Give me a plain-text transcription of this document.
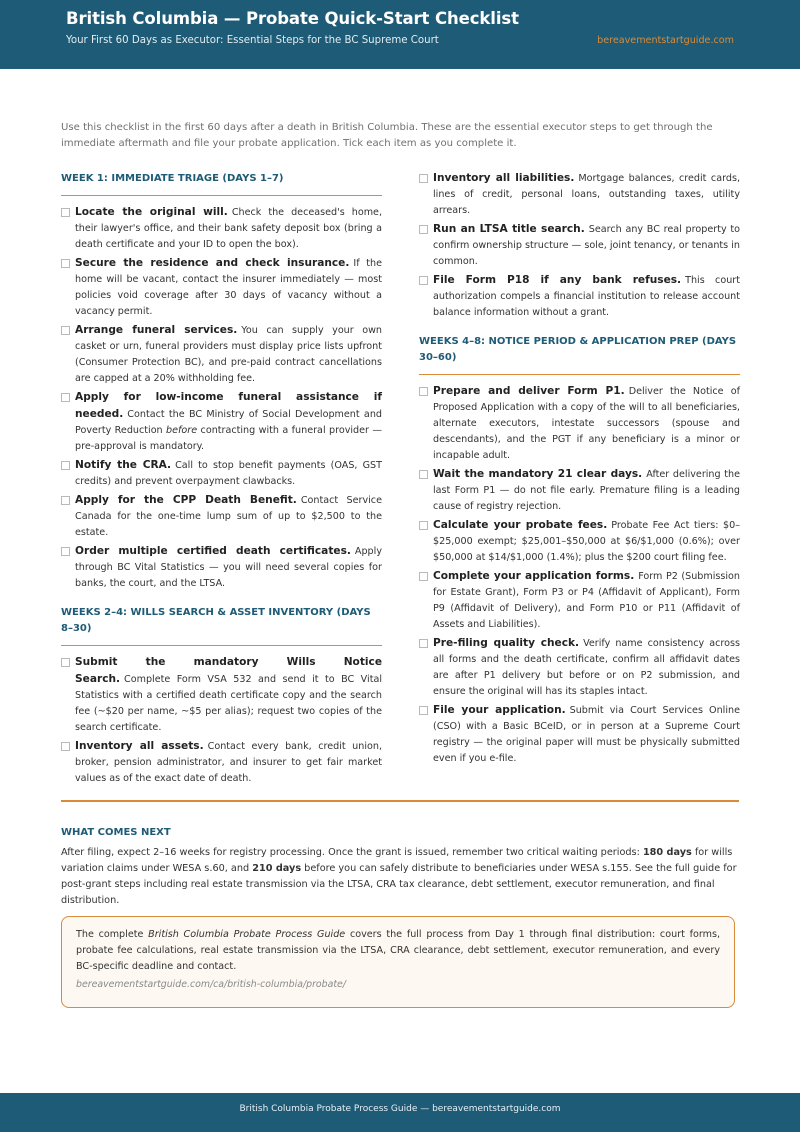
British Columbia — Probate Quick-Start Checklist
Your First 60 Days as Executor: Essential Steps for the BC Supreme Court	bereavementstartguide.com
Use this checklist in the first 60 days after a death in British Columbia. These are the essential executor steps to get through the immediate aftermath and file your probate application. Tick each item as you complete it.
WEEK 1: IMMEDIATE TRIAGE (DAYS 1–7)
Locate the original will. Check the deceased's home, their lawyer's office, and their bank safety deposit box (bring a death certificate and your ID to open the box).
Secure the residence and check insurance. If the home will be vacant, contact the insurer immediately — most policies void coverage after 30 days of vacancy without a vacancy permit.
Arrange funeral services. You can supply your own casket or urn, funeral providers must display price lists upfront (Consumer Protection BC), and pre-paid contract cancellations are capped at a 20% withholding fee.
Apply for low-income funeral assistance if needed. Contact the BC Ministry of Social Development and Poverty Reduction before contracting with a funeral provider — pre-approval is mandatory.
Notify the CRA. Call to stop benefit payments (OAS, GST credits) and prevent overpayment clawbacks.
Apply for the CPP Death Benefit. Contact Service Canada for the one-time lump sum of up to $2,500 to the estate.
Order multiple certified death certificates. Apply through BC Vital Statistics — you will need several copies for banks, the court, and the LTSA.
WEEKS 2–4: WILLS SEARCH & ASSET INVENTORY (DAYS 8–30)
Submit the mandatory Wills Notice Search. Complete Form VSA 532 and send it to BC Vital Statistics with a certified death certificate copy and the search fee (~$20 per name, ~$5 per alias); request two copies of the search certificate.
Inventory all assets. Contact every bank, credit union, broker, pension administrator, and insurer to get fair market values as of the exact date of death.
Inventory all liabilities. Mortgage balances, credit cards, lines of credit, personal loans, outstanding taxes, utility arrears.
Run an LTSA title search. Search any BC real property to confirm ownership structure — sole, joint tenancy, or tenants in common.
File Form P18 if any bank refuses. This court authorization compels a financial institution to release account balance information without a grant.
WEEKS 4–8: NOTICE PERIOD & APPLICATION PREP (DAYS 30–60)
Prepare and deliver Form P1. Deliver the Notice of Proposed Application with a copy of the will to all beneficiaries, alternate executors, intestate successors (spouse and descendants), and the PGT if any beneficiary is a minor or incapable adult.
Wait the mandatory 21 clear days. After delivering the last Form P1 — do not file early. Premature filing is a leading cause of registry rejection.
Calculate your probate fees. Probate Fee Act tiers: $0–$25,000 exempt; $25,001–$50,000 at $6/$1,000 (0.6%); over $50,000 at $14/$1,000 (1.4%); plus the $200 court filing fee.
Complete your application forms. Form P2 (Submission for Estate Grant), Form P3 or P4 (Affidavit of Applicant), Form P9 (Affidavit of Delivery), and Form P10 or P11 (Affidavit of Assets and Liabilities).
Pre-filing quality check. Verify name consistency across all forms and the death certificate, confirm all affidavit dates are after P1 delivery but before or on P2 submission, and ensure the original will has its staples intact.
File your application. Submit via Court Services Online (CSO) with a Basic BCeID, or in person at a Supreme Court registry — the original paper will must be physically submitted even if you e-file.
WHAT COMES NEXT
After filing, expect 2–16 weeks for registry processing. Once the grant is issued, remember two critical waiting periods: 180 days for wills variation claims under WESA s.60, and 210 days before you can safely distribute to beneficiaries under WESA s.155. See the full guide for post-grant steps including real estate transmission via the LTSA, CRA tax clearance, debt settlement, executor remuneration, and final distribution.
The complete British Columbia Probate Process Guide covers the full process from Day 1 through final distribution: court forms, probate fee calculations, real estate transmission via the LTSA, CRA clearance, debt settlement, executor remuneration, and every BC-specific deadline and contact.
bereavementstartguide.com/ca/british-columbia/probate/
British Columbia Probate Process Guide — bereavementstartguide.com
